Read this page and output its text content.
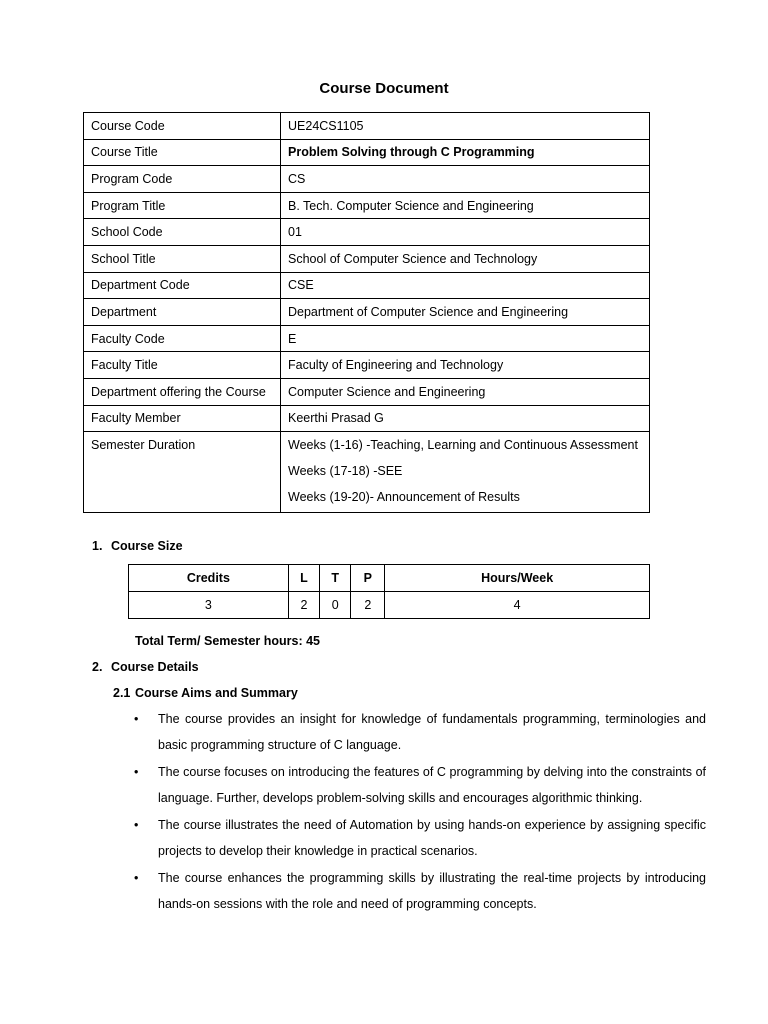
Course Document
Course Code	UE24CS1105
Course Title	Problem Solving through C Programming
Program Code	CS
Program Title	B. Tech. Computer Science and Engineering
School Code	01
School Title	School of Computer Science and Technology
Department Code	CSE
Department	Department of Computer Science and Engineering
Faculty Code	E
Faculty Title	Faculty of Engineering and Technology
Department offering the Course	Computer Science and Engineering
Faculty Member	Keerthi Prasad G

Semester Duration	Weeks (1-16) -Teaching, Learning and Continuous Assessment
Weeks (17-18) -SEE
Weeks (19-20)- Announcement of Results
1. Course Size
Credits	L	T	P	Hours/Week
3	2	0	2	4
Total Term/ Semester hours: 45
2. Course Details
2.1 Course Aims and Summary
• The course provides an insight for knowledge of fundamentals programming, terminologies and basic programming structure of C language.
• The course focuses on introducing the features of C programming by delving into the constraints of language. Further, develops problem-solving skills and encourages algorithmic thinking.
• The course illustrates the need of Automation by using hands-on experience by assigning specific projects to develop their knowledge in practical scenarios.
• The course enhances the programming skills by illustrating the real-time projects by introducing hands-on sessions with the role and need of programming concepts.
